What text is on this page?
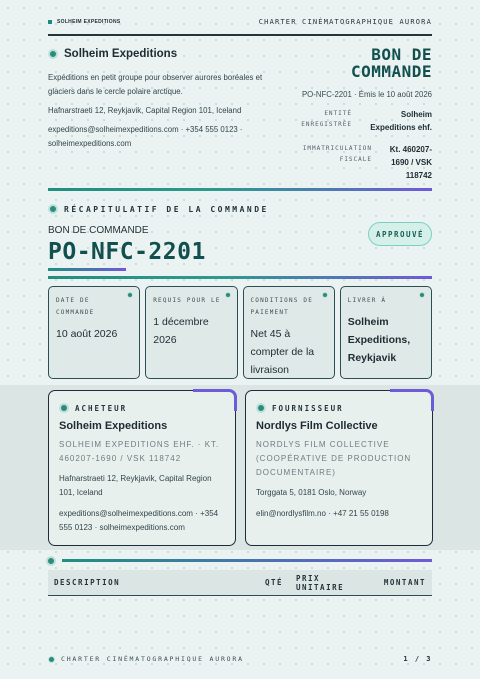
SOLHEIM EXPEDITIONS	CHARTER CINÉMATOGRAPHIQUE AURORA
Solheim Expeditions
Expéditions en petit groupe pour observer aurores boréales et glaciers dans le cercle polaire arctique.
Hafnarstraeti 12, Reykjavik, Capital Region 101, Iceland
expeditions@solheimexpeditions.com · +354 555 0123 · solheimexpeditions.com
BON DE
COMMANDE
PO-NFC-2201 · Émis le 10 août 2026
ENTITÉ
ENREGISTRÉE
Solheim Expeditions ehf.
IMMATRICULATION
FISCALE
Kt. 460207-1690 / VSK 118742
RÉCAPITULATIF DE LA COMMANDE
BON DE COMMANDE
PO-NFC-2201
APPROUVÉ
DATE DE COMMANDE
10 août 2026
REQUIS POUR LE
1 décembre 2026
CONDITIONS DE PAIEMENT
Net 45 à compter de la livraison
LIVRER À
Solheim Expeditions, Reykjavik
ACHETEUR
Solheim Expeditions
SOLHEIM EXPEDITIONS EHF. · KT. 460207-1690 / VSK 118742
Hafnarstraeti 12, Reykjavik, Capital Region 101, Iceland
expeditions@solheimexpeditions.com · +354 555 0123 · solheimexpeditions.com
FOURNISSEUR
Nordlys Film Collective
NORDLYS FILM COLLECTIVE (COOPÉRATIVE DE PRODUCTION DOCUMENTAIRE)
Torggata 5, 0181 Oslo, Norway
elin@nordlysfilm.no · +47 21 55 0198
DESCRIPTION	QTÉ	PRIX UNITAIRE	MONTANT
CHARTER CINÉMATOGRAPHIQUE AURORA	1 / 3
